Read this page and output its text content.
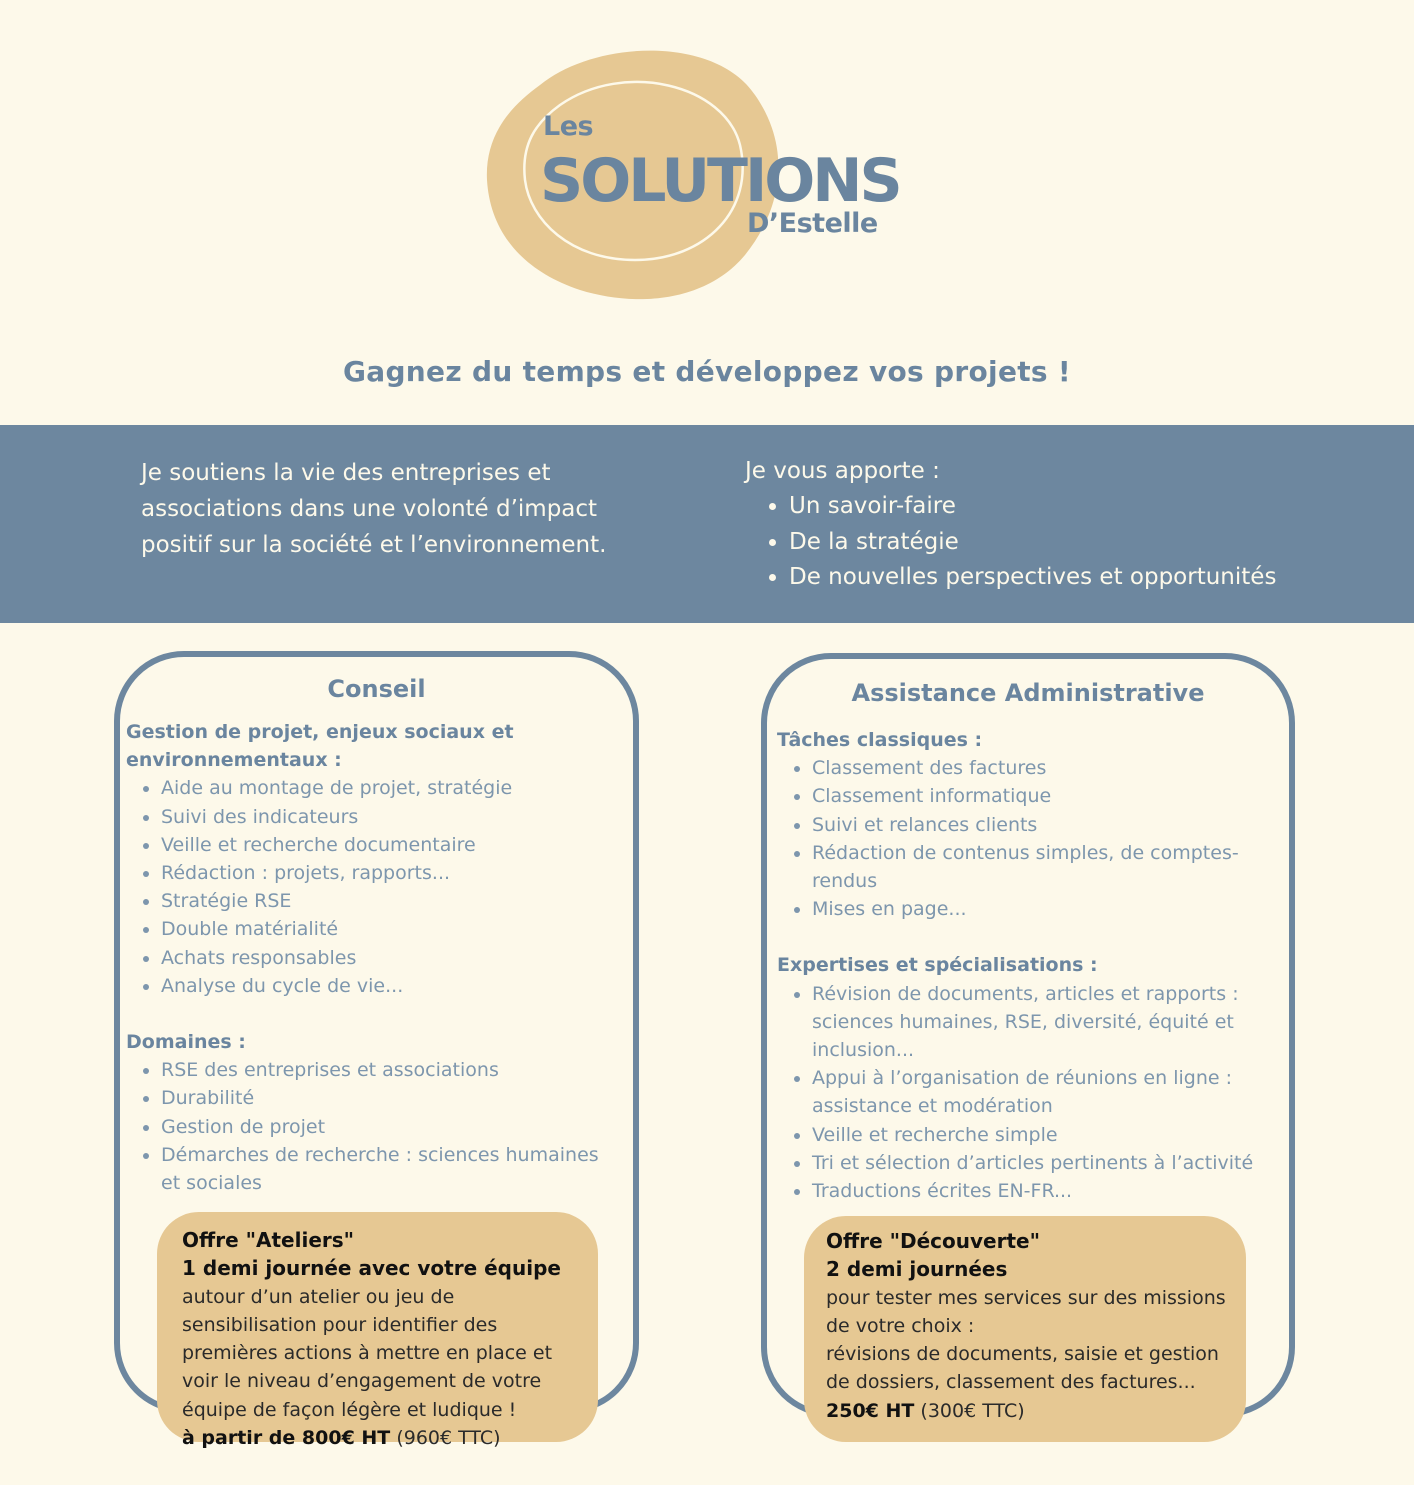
Les
SOLUTIONS
D’Estelle
Gagnez du temps et développez vos projets !
Je soutiens la vie des entreprises et associations dans une volonté d’impact positif sur la société et l’environnement.
Je vous apporte :
• Un savoir-faire
• De la stratégie
• De nouvelles perspectives et opportunités
Conseil
Gestion de projet, enjeux sociaux et environnementaux :
• Aide au montage de projet, stratégie
• Suivi des indicateurs
• Veille et recherche documentaire
• Rédaction : projets, rapports...
• Stratégie RSE
• Double matérialité
• Achats responsables
• Analyse du cycle de vie...
Domaines :
• RSE des entreprises et associations
• Durabilité
• Gestion de projet
• Démarches de recherche : sciences humaines et sociales
Assistance Administrative
Tâches classiques :
• Classement des factures
• Classement informatique
• Suivi et relances clients
• Rédaction de contenus simples, de comptes-rendus
• Mises en page...
Expertises et spécialisations :
• Révision de documents, articles et rapports : sciences humaines, RSE, diversité, équité et inclusion...
• Appui à l’organisation de réunions en ligne : assistance et modération
• Veille et recherche simple
• Tri et sélection d’articles pertinents à l’activité
• Traductions écrites EN-FR...
Offre "Ateliers"
1 demi journée avec votre équipe
autour d’un atelier ou jeu de sensibilisation pour identifier des premières actions à mettre en place et voir le niveau d’engagement de votre équipe de façon légère et ludique !
à partir de 800€ HT (960€ TTC)
Offre "Découverte"
2 demi journées
pour tester mes services sur des missions de votre choix :
révisions de documents, saisie et gestion de dossiers, classement des factures...
250€ HT (300€ TTC)
